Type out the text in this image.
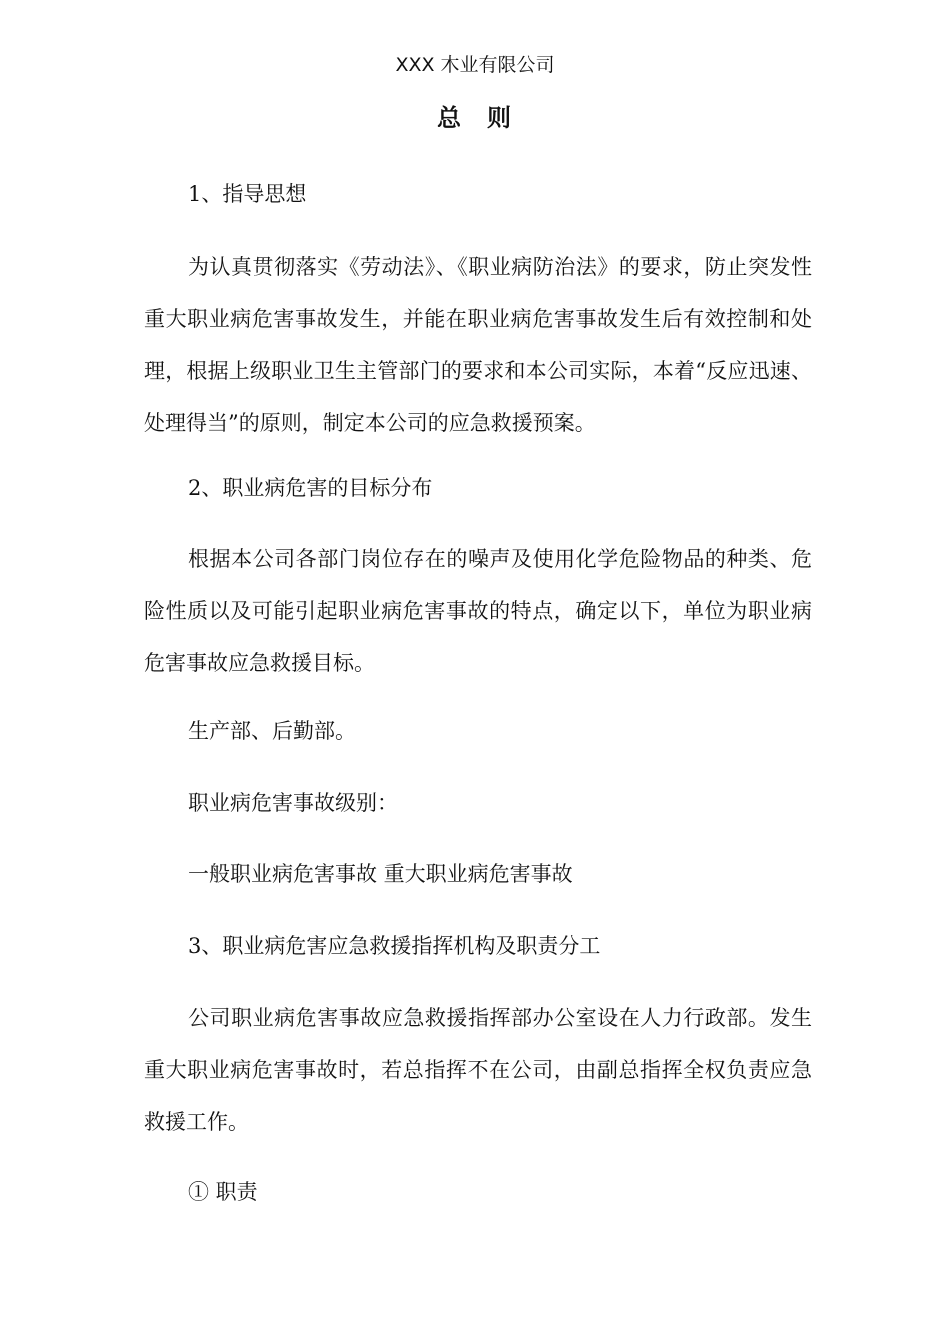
XXX 木业有限公司
总 则

1、指导思想

为认真贯彻落实《劳动法》、《职业病防治法》的要求，防止突发性重大职业病危害事故发生，并能在职业病危害事故发生后有效控制和处理，根据上级职业卫生主管部门的要求和本公司实际，本着“反应迅速、处理得当”的原则，制定本公司的应急救援预案。

2、职业病危害的目标分布

根据本公司各部门岗位存在的噪声及使用化学危险物品的种类、危险性质以及可能引起职业病危害事故的特点，确定以下，单位为职业病危害事故应急救援目标。

生产部、后勤部。

职业病危害事故级别：

一般职业病危害事故 重大职业病危害事故

3、职业病危害应急救援指挥机构及职责分工

公司职业病危害事故应急救援指挥部办公室设在人力行政部。发生重大职业病危害事故时，若总指挥不在公司，由副总指挥全权负责应急救援工作。

① 职责
